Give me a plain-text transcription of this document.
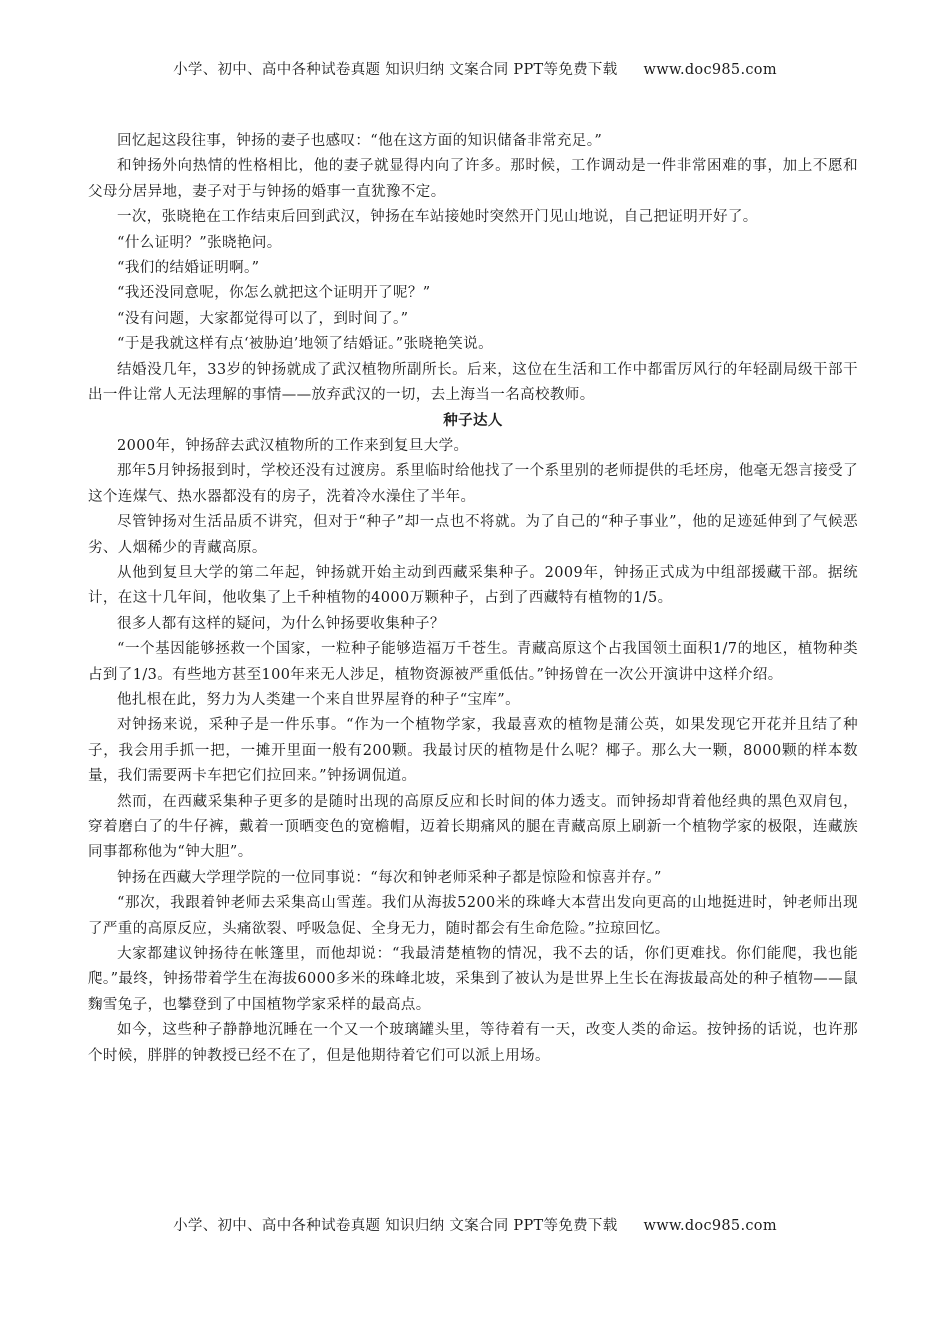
小学、初中、高中各种试卷真题 知识归纳 文案合同 PPT等免费下载 www.doc985.com

回忆起这段往事，钟扬的妻子也感叹：“他在这方面的知识储备非常充足。”

和钟扬外向热情的性格相比，他的妻子就显得内向了许多。那时候，工作调动是一件非常困难的事，加上不愿和父母分居异地，妻子对于与钟扬的婚事一直犹豫不定。

一次，张晓艳在工作结束后回到武汉，钟扬在车站接她时突然开门见山地说，自己把证明开好了。

“什么证明？”张晓艳问。

“我们的结婚证明啊。”

“我还没同意呢，你怎么就把这个证明开了呢？”

“没有问题，大家都觉得可以了，到时间了。”

“于是我就这样有点‘被胁迫’地领了结婚证。”张晓艳笑说。

结婚没几年，33岁的钟扬就成了武汉植物所副所长。后来，这位在生活和工作中都雷厉风行的年轻副局级干部干出一件让常人无法理解的事情——放弃武汉的一切，去上海当一名高校教师。

种子达人

2000年，钟扬辞去武汉植物所的工作来到复旦大学。

那年5月钟扬报到时，学校还没有过渡房。系里临时给他找了一个系里别的老师提供的毛坯房，他毫无怨言接受了这个连煤气、热水器都没有的房子，洗着冷水澡住了半年。

尽管钟扬对生活品质不讲究，但对于“种子”却一点也不将就。为了自己的“种子事业”，他的足迹延伸到了气候恶劣、人烟稀少的青藏高原。

从他到复旦大学的第二年起，钟扬就开始主动到西藏采集种子。2009年，钟扬正式成为中组部援藏干部。据统计，在这十几年间，他收集了上千种植物的4000万颗种子，占到了西藏特有植物的1/5。

很多人都有这样的疑问，为什么钟扬要收集种子？

“一个基因能够拯救一个国家，一粒种子能够造福万千苍生。青藏高原这个占我国领土面积1/7的地区，植物种类占到了1/3。有些地方甚至100年来无人涉足，植物资源被严重低估。”钟扬曾在一次公开演讲中这样介绍。

他扎根在此，努力为人类建一个来自世界屋脊的种子“宝库”。

对钟扬来说，采种子是一件乐事。“作为一个植物学家，我最喜欢的植物是蒲公英，如果发现它开花并且结了种子，我会用手抓一把，一摊开里面一般有200颗。我最讨厌的植物是什么呢？椰子。那么大一颗，8000颗的样本数量，我们需要两卡车把它们拉回来。”钟扬调侃道。

然而，在西藏采集种子更多的是随时出现的高原反应和长时间的体力透支。而钟扬却背着他经典的黑色双肩包，穿着磨白了的牛仔裤，戴着一顶晒变色的宽檐帽，迈着长期痛风的腿在青藏高原上刷新一个植物学家的极限，连藏族同事都称他为“钟大胆”。

钟扬在西藏大学理学院的一位同事说：“每次和钟老师采种子都是惊险和惊喜并存。”

“那次，我跟着钟老师去采集高山雪莲。我们从海拔5200米的珠峰大本营出发向更高的山地挺进时，钟老师出现了严重的高原反应，头痛欲裂、呼吸急促、全身无力，随时都会有生命危险。”拉琼回忆。

大家都建议钟扬待在帐篷里，而他却说：“我最清楚植物的情况，我不去的话，你们更难找。你们能爬，我也能爬。”最终，钟扬带着学生在海拔6000多米的珠峰北坡，采集到了被认为是世界上生长在海拔最高处的种子植物——鼠麴雪兔子，也攀登到了中国植物学家采样的最高点。

如今，这些种子静静地沉睡在一个又一个玻璃罐头里，等待着有一天，改变人类的命运。按钟扬的话说，也许那个时候，胖胖的钟教授已经不在了，但是他期待着它们可以派上用场。

小学、初中、高中各种试卷真题 知识归纳 文案合同 PPT等免费下载 www.doc985.com
